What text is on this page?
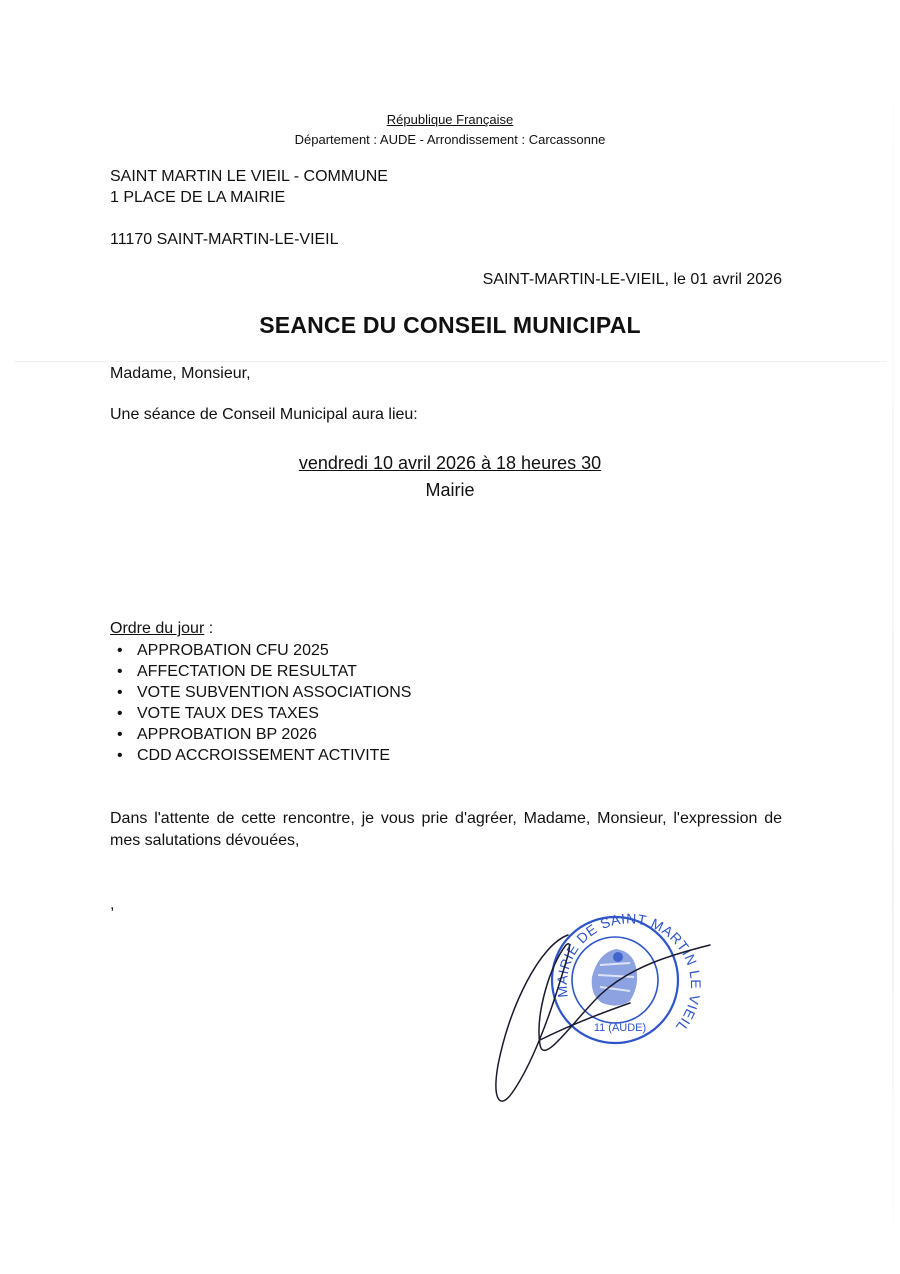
République Française
Département : AUDE - Arrondissement : Carcassonne
SAINT MARTIN LE VIEIL - COMMUNE
1 PLACE DE LA MAIRIE
11170 SAINT-MARTIN-LE-VIEIL
SAINT-MARTIN-LE-VIEIL, le 01 avril 2026
SEANCE DU CONSEIL MUNICIPAL
Madame, Monsieur,
Une séance de Conseil Municipal aura lieu:
vendredi 10 avril 2026 à 18 heures 30
Mairie
Ordre du jour :
• APPROBATION CFU 2025
• AFFECTATION DE RESULTAT
• VOTE SUBVENTION ASSOCIATIONS
• VOTE TAUX DES TAXES
• APPROBATION BP 2026
• CDD ACCROISSEMENT ACTIVITE
Dans l'attente de cette rencontre, je vous prie d'agréer, Madame, Monsieur, l'expression de mes salutations dévouées,
,
MAIRIE DE SAINT MARTIN LE VIEIL
11 (AUDE)
